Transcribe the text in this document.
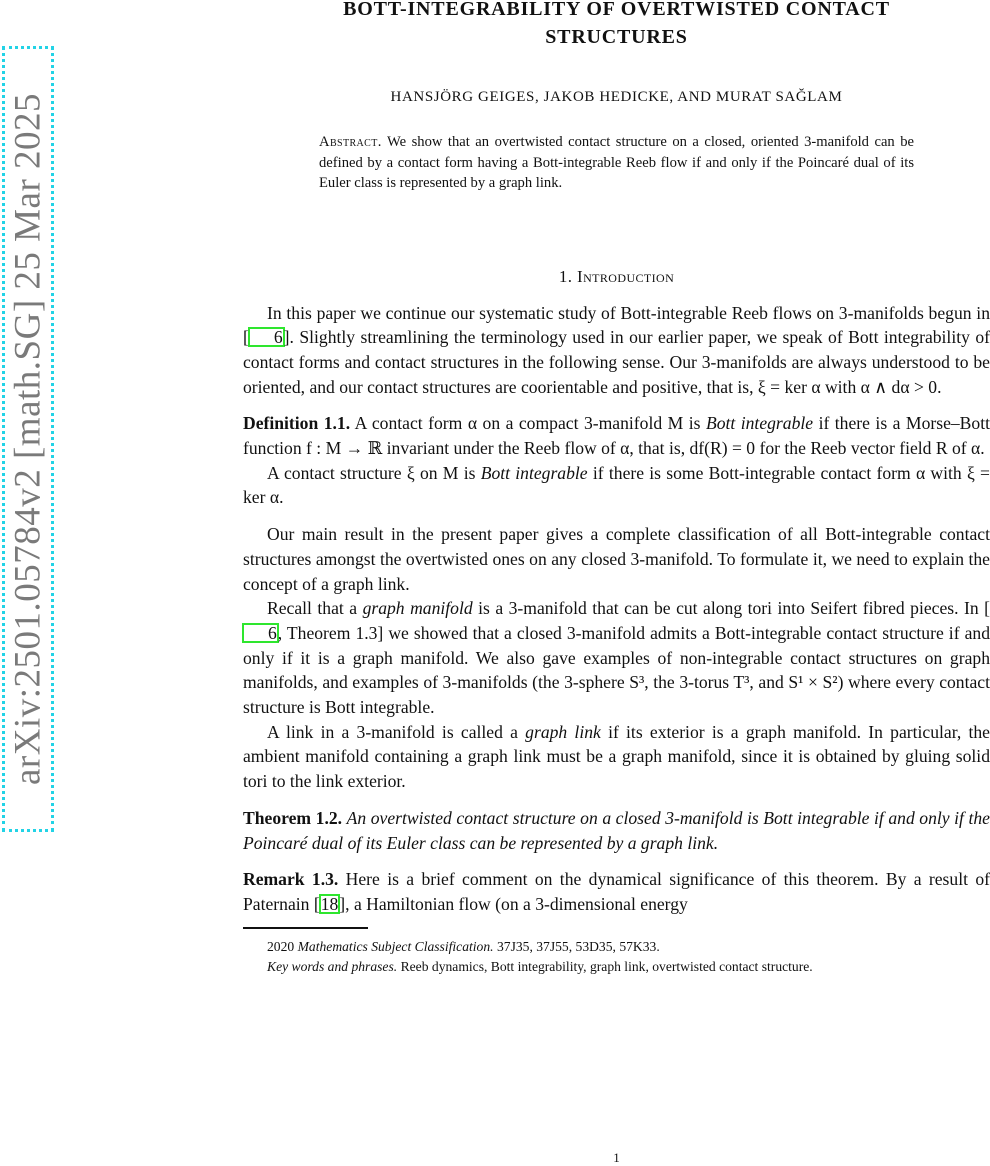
arXiv:2501.05784v2 [math.SG] 25 Mar 2025
BOTT-INTEGRABILITY OF OVERTWISTED CONTACT
STRUCTURES
HANSJÖRG GEIGES, JAKOB HEDICKE, AND MURAT SAĞLAM
Abstract. We show that an overtwisted contact structure on a closed, oriented 3-manifold can be defined by a contact form having a Bott-integrable Reeb flow if and only if the Poincaré dual of its Euler class is represented by a graph link.
1. Introduction

In this paper we continue our systematic study of Bott-integrable Reeb flows on 3-manifolds begun in [ 6]. Slightly streamlining the terminology used in our earlier paper, we speak of Bott integrability of contact forms and contact structures in the following sense. Our 3-manifolds are always understood to be oriented, and our contact structures are coorientable and positive, that is, ξ = ker α with α ∧ dα > 0.

Definition 1.1. A contact form α on a compact 3-manifold M is Bott integrable if there is a Morse–Bott function f : M → ℝ invariant under the Reeb flow of α, that is, df(R) = 0 for the Reeb vector field R of α.

A contact structure ξ on M is Bott integrable if there is some Bott-integrable contact form α with ξ = ker α.

Our main result in the present paper gives a complete classification of all Bott-integrable contact structures amongst the overtwisted ones on any closed 3-manifold. To formulate it, we need to explain the concept of a graph link.

Recall that a graph manifold is a 3-manifold that can be cut along tori into Seifert fibred pieces. In [6, Theorem 1.3] we showed that a closed 3-manifold admits a Bott-integrable contact structure if and only if it is a graph manifold. We also gave examples of non-integrable contact structures on graph manifolds, and examples of 3-manifolds (the 3-sphere S³, the 3-torus T³, and S¹ × S²) where every contact structure is Bott integrable.

A link in a 3-manifold is called a graph link if its exterior is a graph manifold. In particular, the ambient manifold containing a graph link must be a graph manifold, since it is obtained by gluing solid tori to the link exterior.

Theorem 1.2. An overtwisted contact structure on a closed 3-manifold is Bott integrable if and only if the Poincaré dual of its Euler class can be represented by a graph link.

Remark 1.3. Here is a brief comment on the dynamical significance of this theorem. By a result of Paternain [18], a Hamiltonian flow (on a 3-dimensional energy

2020 Mathematics Subject Classification. 37J35, 37J55, 53D35, 57K33.
Key words and phrases. Reeb dynamics, Bott integrability, graph link, overtwisted contact structure.
1
